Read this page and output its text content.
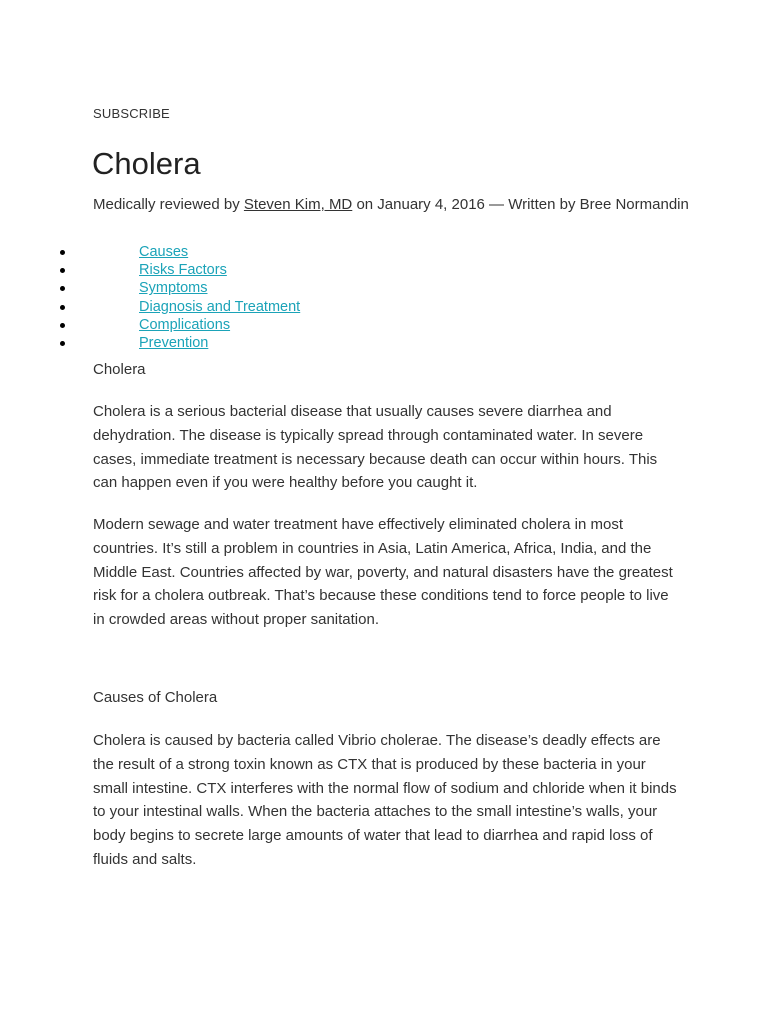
SUBSCRIBE
Cholera
Medically reviewed by Steven Kim, MD on January 4, 2016 — Written by Bree Normandin
Causes
Risks Factors
Symptoms
Diagnosis and Treatment
Complications
Prevention
Cholera

Cholera is a serious bacterial disease that usually causes severe diarrhea and dehydration. The disease is typically spread through contaminated water. In severe cases, immediate treatment is necessary because death can occur within hours. This can happen even if you were healthy before you caught it.

Modern sewage and water treatment have effectively eliminated cholera in most countries. It’s still a problem in countries in Asia, Latin America, Africa, India, and the Middle East. Countries affected by war, poverty, and natural disasters have the greatest risk for a cholera outbreak. That’s because these conditions tend to force people to live in crowded areas without proper sanitation.

Causes of Cholera

Cholera is caused by bacteria called Vibrio cholerae. The disease’s deadly effects are the result of a strong toxin known as CTX that is produced by these bacteria in your small intestine. CTX interferes with the normal flow of sodium and chloride when it binds to your intestinal walls. When the bacteria attaches to the small intestine’s walls, your body begins to secrete large amounts of water that lead to diarrhea and rapid loss of fluids and salts.
